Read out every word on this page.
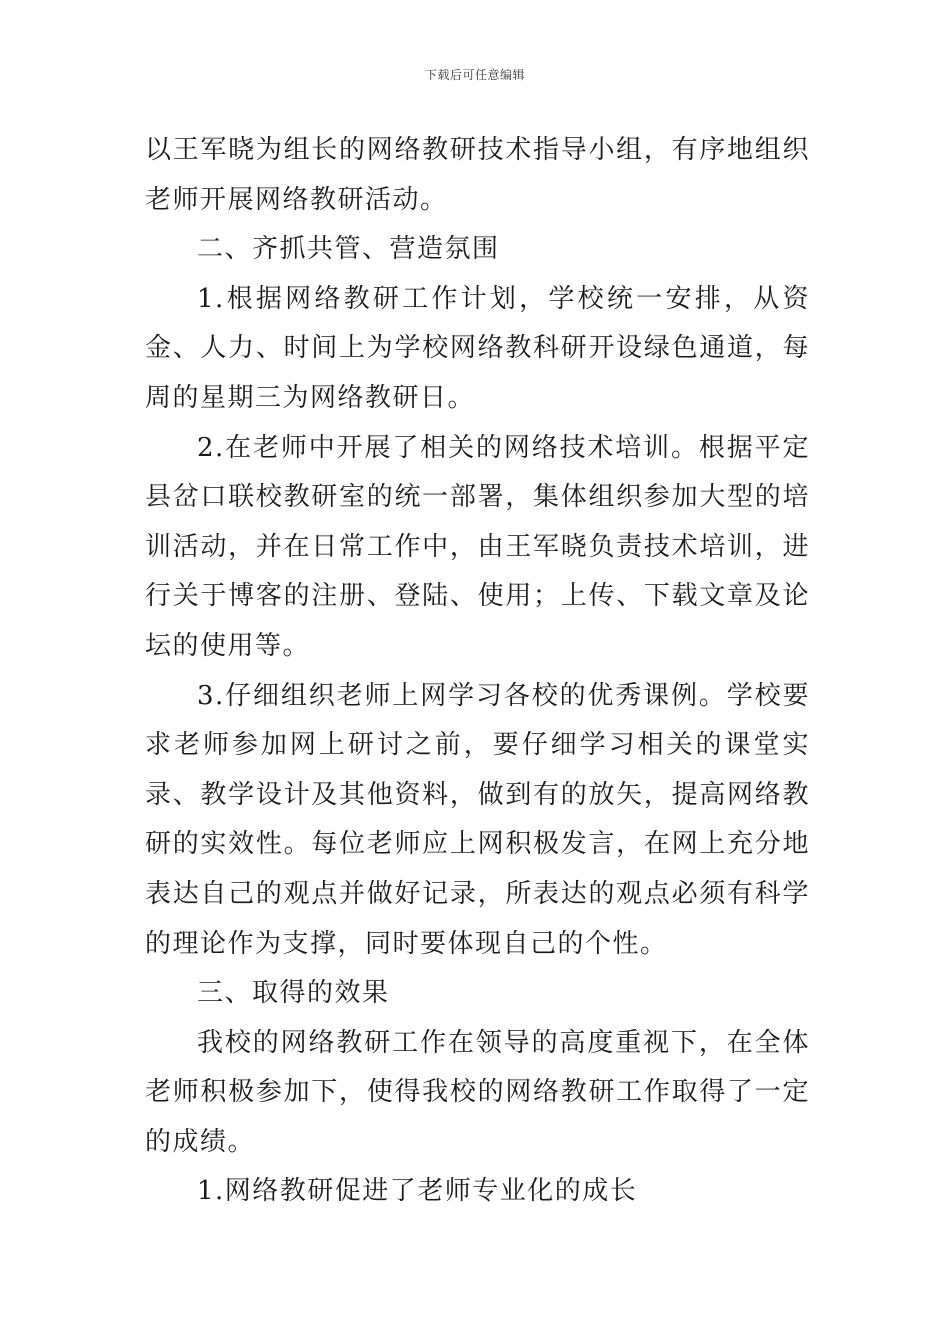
下载后可任意编辑

以王军晓为组长的网络教研技术指导小组，有序地组织老师开展网络教研活动。

二、齐抓共管、营造氛围

1.根据网络教研工作计划，学校统一安排，从资金、人力、时间上为学校网络教科研开设绿色通道，每周的星期三为网络教研日。

2.在老师中开展了相关的网络技术培训。根据平定县岔口联校教研室的统一部署，集体组织参加大型的培训活动，并在日常工作中，由王军晓负责技术培训，进行关于博客的注册、登陆、使用；上传、下载文章及论坛的使用等。

3.仔细组织老师上网学习各校的优秀课例。学校要求老师参加网上研讨之前，要仔细学习相关的课堂实录、教学设计及其他资料，做到有的放矢，提高网络教研的实效性。每位老师应上网积极发言，在网上充分地表达自己的观点并做好记录，所表达的观点必须有科学的理论作为支撑，同时要体现自己的个性。

三、取得的效果

我校的网络教研工作在领导的高度重视下，在全体老师积极参加下，使得我校的网络教研工作取得了一定的成绩。

1.网络教研促进了老师专业化的成长
